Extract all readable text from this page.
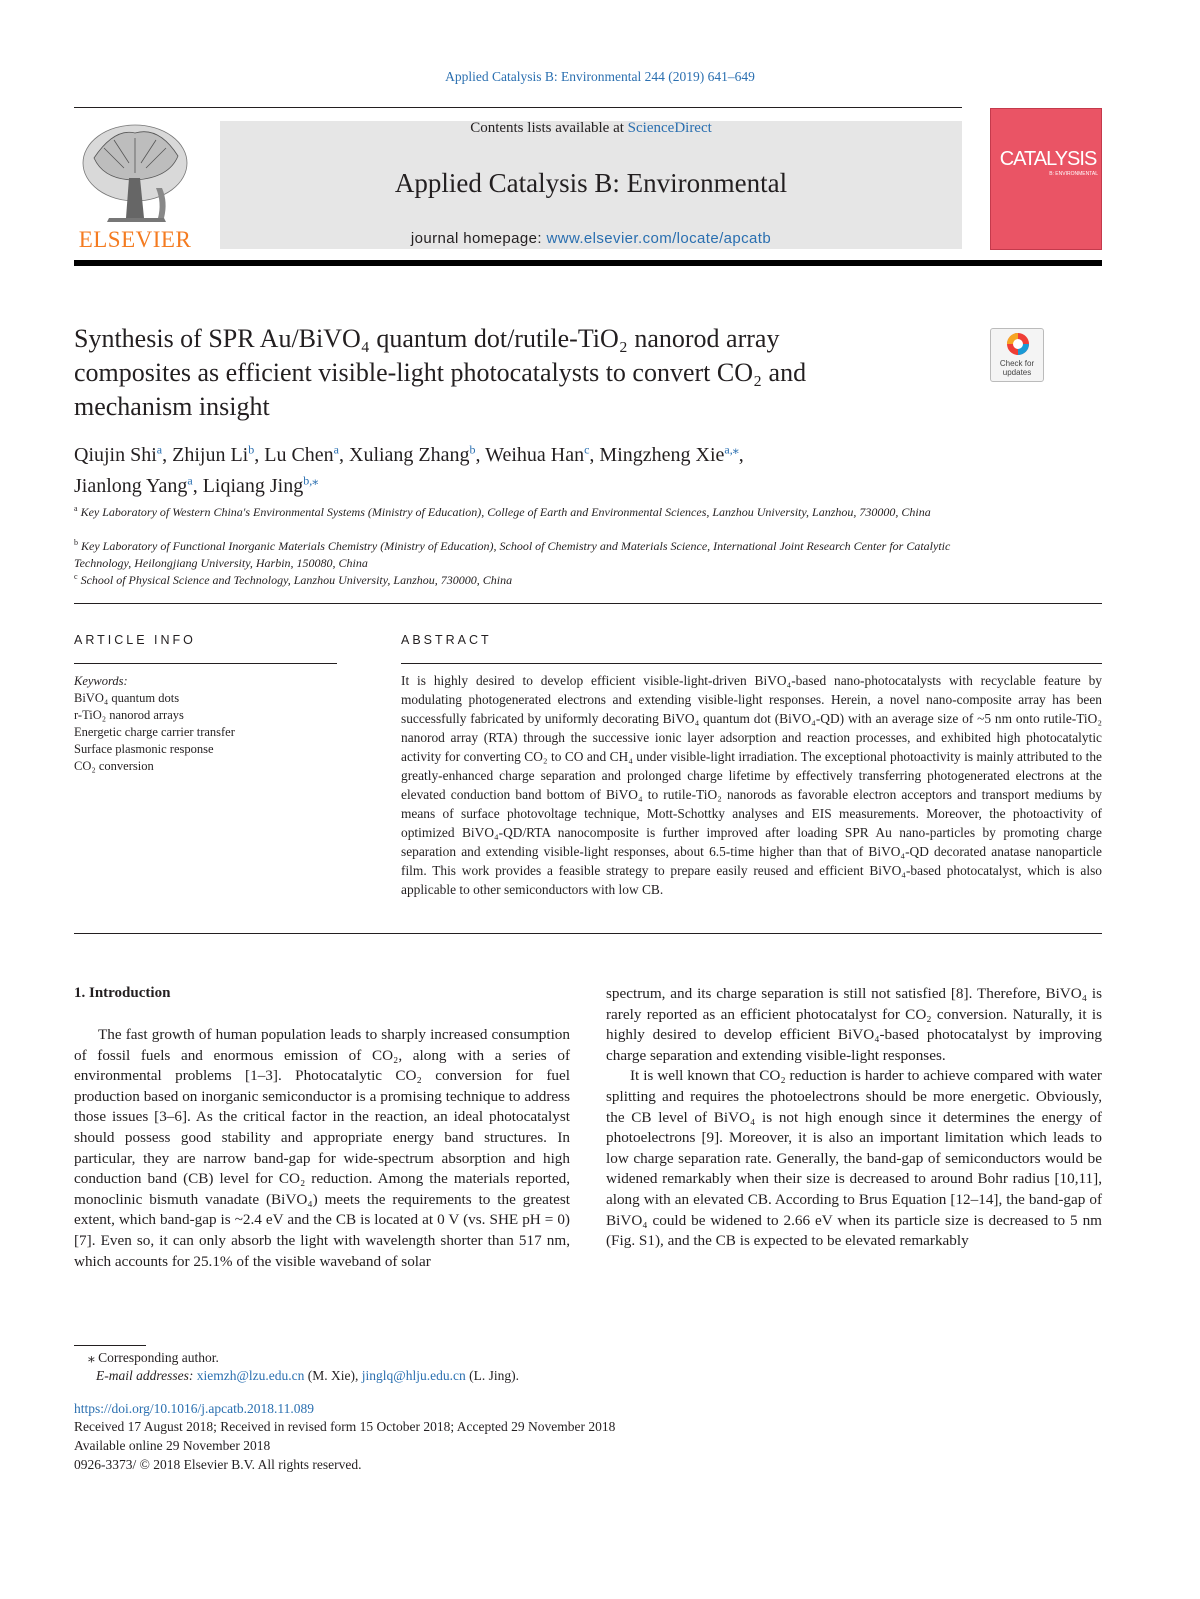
Applied Catalysis B: Environmental 244 (2019) 641–649
ELSEVIER
Contents lists available at ScienceDirect
Applied Catalysis B: Environmental
journal homepage: www.elsevier.com/locate/apcatb
CATALYSIS
B: ENVIRONMENTAL
Synthesis of SPR Au/BiVO₄ quantum dot/rutile-TiO₂ nanorod array
composites as efficient visible-light photocatalysts to convert CO₂ and
mechanism insight
Check for updates
Qiujin Shi$^a$, Zhijun Li$^b$, Lu Chen$^a$, Xuliang Zhang$^b$, Weihua Han$^c$, Mingzheng Xie$^{a,⁎}$,
Jianlong Yang$^a$, Liqiang Jing$^{b,⁎}$
$^a$ Key Laboratory of Western China's Environmental Systems (Ministry of Education), College of Earth and Environmental Sciences, Lanzhou University, Lanzhou, 730000, China
$^b$ Key Laboratory of Functional Inorganic Materials Chemistry (Ministry of Education), School of Chemistry and Materials Science, International Joint Research Center for Catalytic Technology, Heilongjiang University, Harbin, 150080, China
$^c$ School of Physical Science and Technology, Lanzhou University, Lanzhou, 730000, China
ARTICLE INFO
Keywords:
BiVO₄ quantum dots
r-TiO₂ nanorod arrays
Energetic charge carrier transfer
Surface plasmonic response
CO₂ conversion
ABSTRACT
It is highly desired to develop efficient visible-light-driven BiVO₄-based nano-photocatalysts with recyclable feature by modulating photogenerated electrons and extending visible-light responses. Herein, a novel nano-composite array has been successfully fabricated by uniformly decorating BiVO₄ quantum dot (BiVO₄-QD) with an average size of ~5 nm onto rutile-TiO₂ nanorod array (RTA) through the successive ionic layer adsorption and reaction processes, and exhibited high photocatalytic activity for converting CO₂ to CO and CH₄ under visible-light irradiation. The exceptional photoactivity is mainly attributed to the greatly-enhanced charge separation and prolonged charge lifetime by effectively transferring photogenerated electrons at the elevated conduction band bottom of BiVO₄ to rutile-TiO₂ nanorods as favorable electron acceptors and transport mediums by means of surface photovoltage technique, Mott-Schottky analyses and EIS measurements. Moreover, the photoactivity of optimized BiVO₄-QD/RTA nanocomposite is further improved after loading SPR Au nano-particles by promoting charge separation and extending visible-light responses, about 6.5-time higher than that of BiVO₄-QD decorated anatase nanoparticle film. This work provides a feasible strategy to prepare easily reused and efficient BiVO₄-based photocatalyst, which is also applicable to other semiconductors with low CB.
1. Introduction

The fast growth of human population leads to sharply increased consumption of fossil fuels and enormous emission of CO₂, along with a series of environmental problems [1–3]. Photocatalytic CO₂ conversion for fuel production based on inorganic semiconductor is a promising technique to address those issues [3–6]. As the critical factor in the reaction, an ideal photocatalyst should possess good stability and appropriate energy band structures. In particular, they are narrow band-gap for wide-spectrum absorption and high conduction band (CB) level for CO₂ reduction. Among the materials reported, monoclinic bismuth vanadate (BiVO₄) meets the requirements to the greatest extent, which band-gap is ~2.4 eV and the CB is located at 0 V (vs. SHE pH = 0) [7]. Even so, it can only absorb the light with wavelength shorter than 517 nm, which accounts for 25.1% of the visible waveband of solar

spectrum, and its charge separation is still not satisfied [8]. Therefore, BiVO₄ is rarely reported as an efficient photocatalyst for CO₂ conversion. Naturally, it is highly desired to develop efficient BiVO₄-based photocatalyst by improving charge separation and extending visible-light responses.

It is well known that CO₂ reduction is harder to achieve compared with water splitting and requires the photoelectrons should be more energetic. Obviously, the CB level of BiVO₄ is not high enough since it determines the energy of photoelectrons [9]. Moreover, it is also an important limitation which leads to low charge separation rate. Generally, the band-gap of semiconductors would be widened remarkably when their size is decreased to around Bohr radius [10,11], along with an elevated CB. According to Brus Equation [12–14], the band-gap of BiVO₄ could be widened to 2.66 eV when its particle size is decreased to 5 nm (Fig. S1), and the CB is expected to be elevated remarkably

⁎ Corresponding author.
E-mail addresses: xiemzh@lzu.edu.cn (M. Xie), jinglq@hlju.edu.cn (L. Jing).
https://doi.org/10.1016/j.apcatb.2018.11.089
Received 17 August 2018; Received in revised form 15 October 2018; Accepted 29 November 2018
Available online 29 November 2018
0926-3373/ © 2018 Elsevier B.V. All rights reserved.
